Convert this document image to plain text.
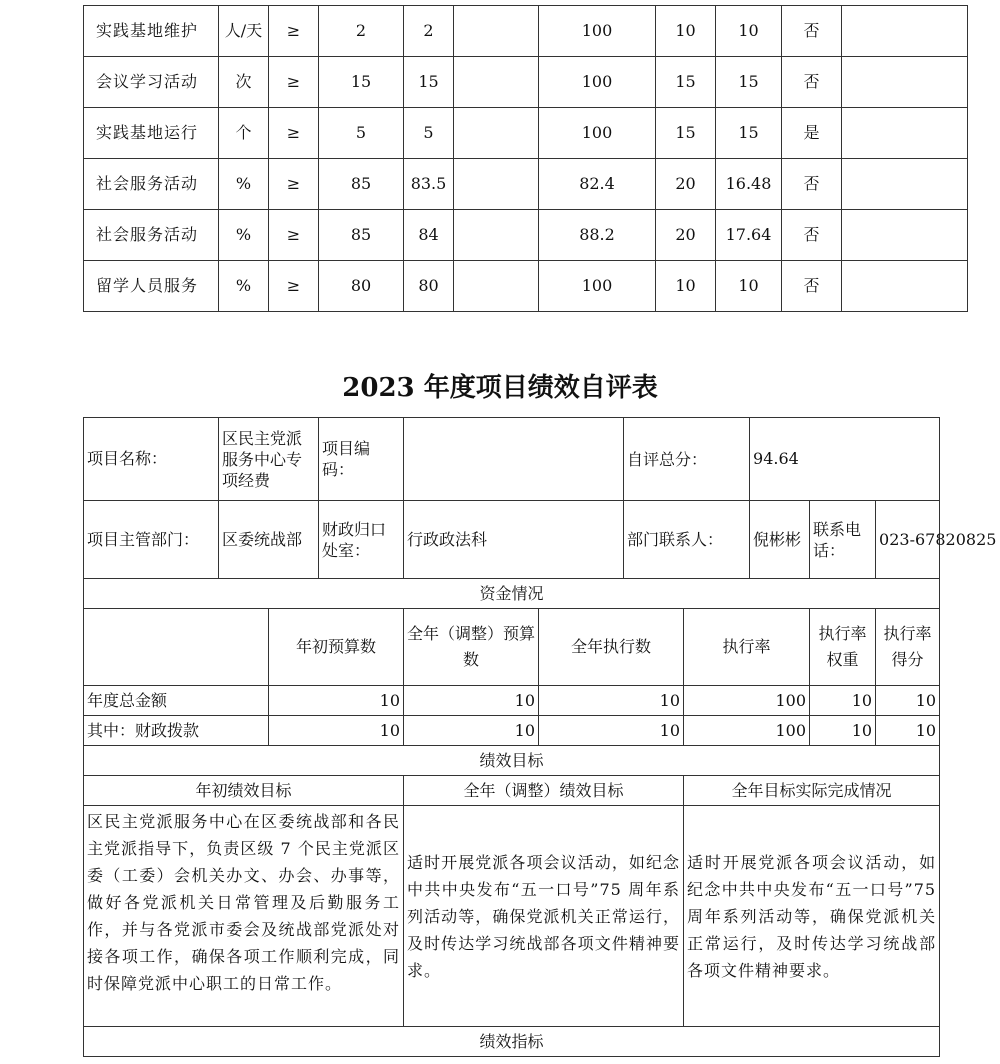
实践基地维护	人/天	≥	2	2		100	10	10	否	
会议学习活动	次	≥	15	15		100	15	15	否	
实践基地运行	个	≥	5	5		100	15	15	是	
社会服务活动	%	≥	85	83.5		82.4	20	16.48	否	
社会服务活动	%	≥	85	84		88.2	20	17.64	否	
留学人员服务	%	≥	80	80		100	10	10	否	
2023 年度项目绩效自评表
项目名称：	区民主党派服务中心专项经费		项目编码：			自评总分：		94.64		
项目主管部门：	区委统战部		财政归口处室：	行政政法科		部门联系人：		倪彬彬	联系电话：	023-67820825
资金情况										
		年初预算数		全年（调整）预算数	全年执行数		执行率		执行率权重	执行率得分
年度总金额		10		10	10		100		10	10
其中：财政拨款		10		10	10		100		10	10
绩效目标										
年初绩效目标				全年（调整）绩效目标			全年目标实际完成情况			
区民主党派服务中心在区委统战部和各民主党派指导下，负责区级 7 个民主党派区委（工委）会机关办文、办会、办事等，做好各党派机关日常管理及后勤服务工作，并与各党派市委会及统战部党派处对接各项工作，确保各项工作顺利完成，同时保障党派中心职工的日常工作。				适时开展党派各项会议活动，如纪念中共中央发布“五一口号”75 周年系列活动等，确保党派机关正常运行，及时传达学习统战部各项文件精神要求。			适时开展党派各项会议活动，如纪念中共中央发布“五一口号”75 周年系列活动等，确保党派机关正常运行，及时传达学习统战部各项文件精神要求。			
绩效指标										
